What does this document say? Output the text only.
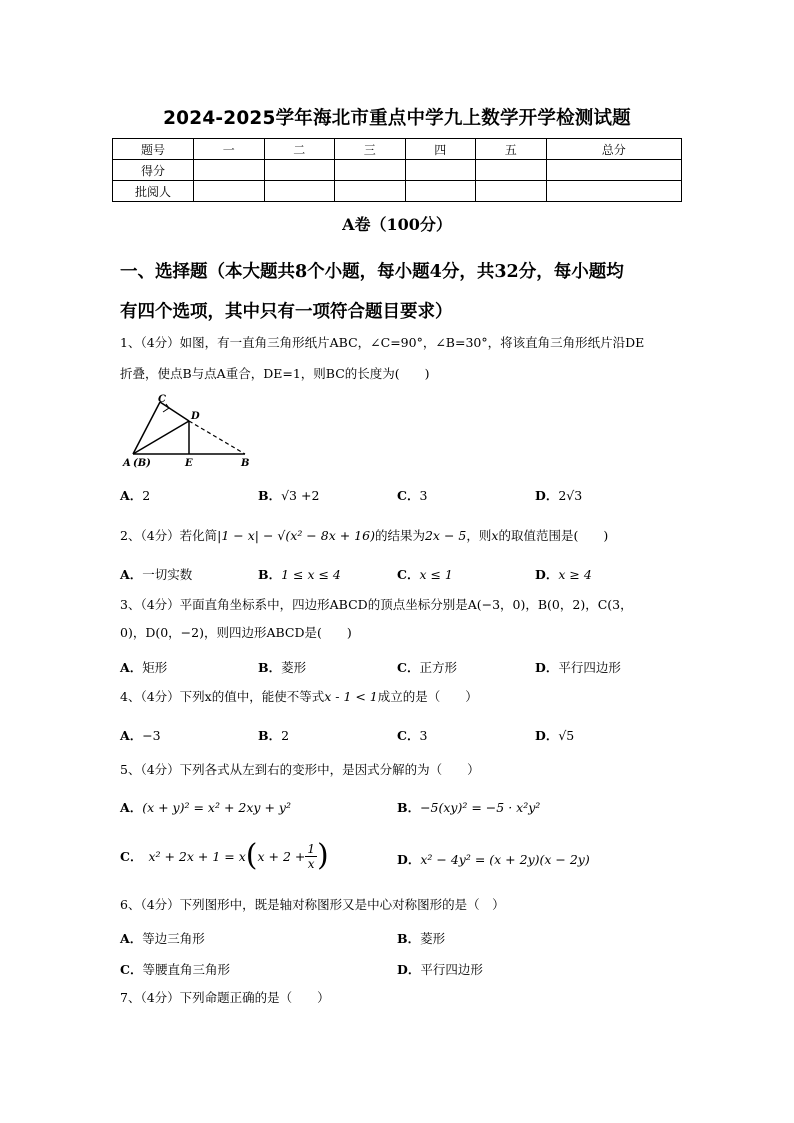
2024-2025学年海北市重点中学九上数学开学检测试题
题号	一	二	三	四	五	总分
得分						
批阅人						
A卷（100分）
一、选择题（本大题共8个小题，每小题4分，共32分，每小题均
有四个选项，其中只有一项符合题目要求）
1、（4分）如图，有一直角三角形纸片ABC，∠C=90°，∠B=30°，将该直角三角形纸片沿DE
折叠，使点B与点A重合，DE=1，则BC的长度为(　　)
C
D
A (B)	E	B
A．2	B．√3 +2	C．3	D．2√3
2、（4分）若化简|1 − x| − √(x² − 8x + 16)的结果为2x − 5，则x的取值范围是(　　)
A．一切实数	B．1 ≤ x ≤ 4	C．x ≤ 1	D．x ≥ 4
3、（4分）平面直角坐标系中，四边形ABCD的顶点坐标分别是A(−3，0)，B(0，2)，C(3，
0)，D(0，−2)，则四边形ABCD是(　　)
A．矩形	B．菱形	C．正方形	D．平行四边形
4、（4分）下列x的值中，能使不等式x - 1 < 1成立的是（　　）
A．−3	B．2	C．3	D．√5
5、（4分）下列各式从左到右的变形中，是因式分解的为（　　）
A．(x + y)² = x² + 2xy + y²	B．−5(xy)² = −5 · x²y²
C． x² + 2x + 1 = x ( $x + 2 + \frac{1}{x}$ )	D．x² − 4y² = (x + 2y)(x − 2y)
6、（4分）下列图形中，既是轴对称图形又是中心对称图形的是（　）
A．等边三角形	B．菱形
C．等腰直角三角形	D．平行四边形
7、（4分）下列命题正确的是（　　）
